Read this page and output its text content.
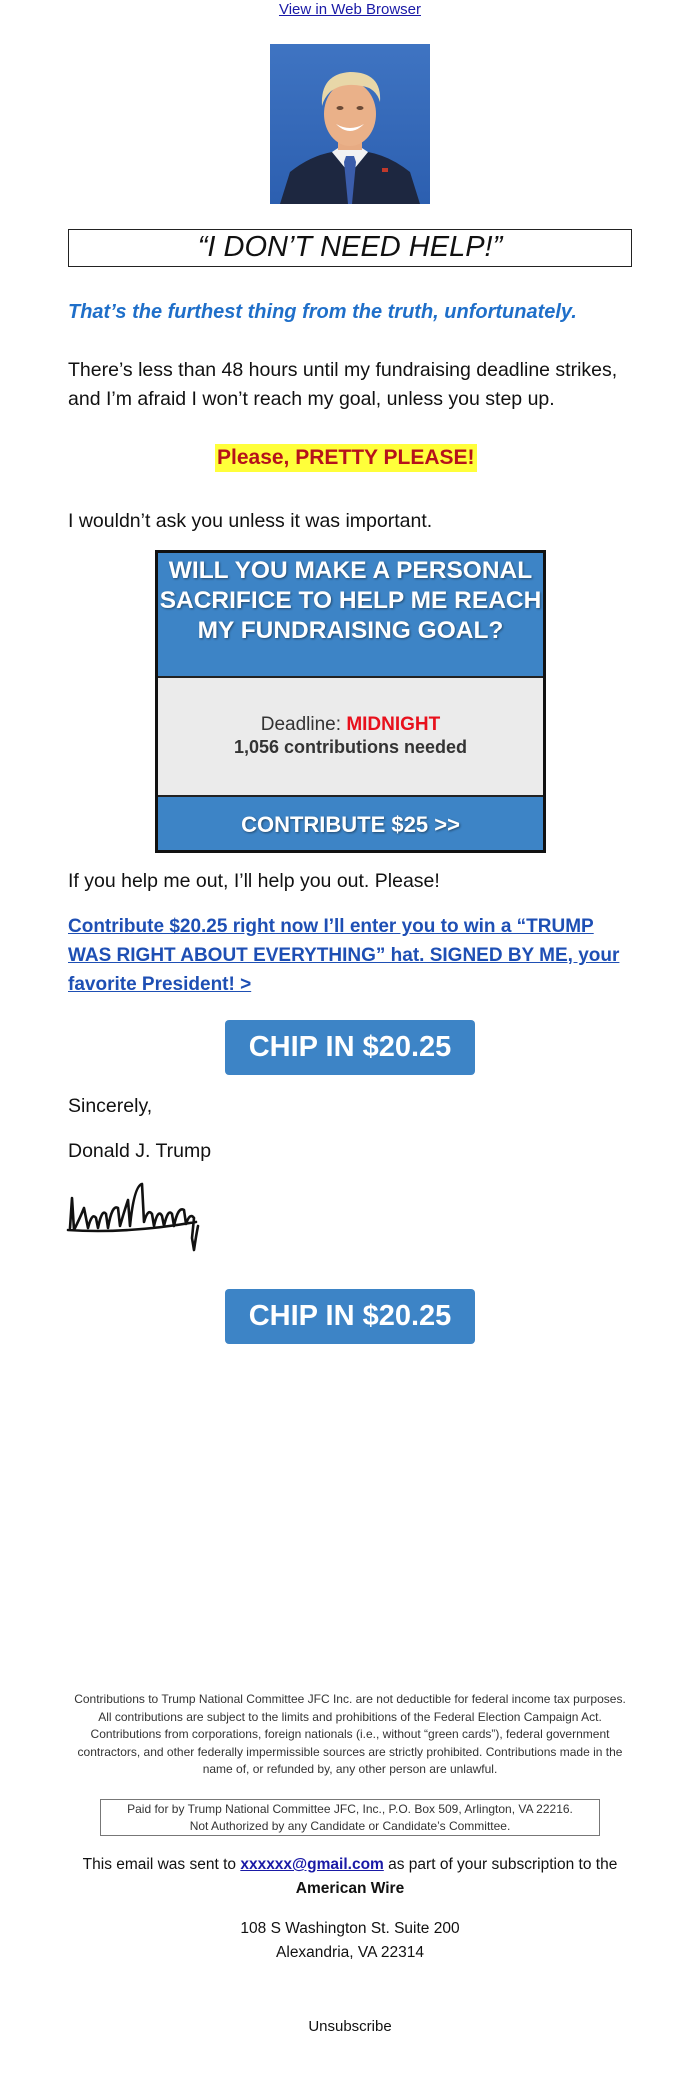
View in Web Browser
“I DON’T NEED HELP!”
That’s the furthest thing from the truth, unfortunately.
There’s less than 48 hours until my fundraising deadline strikes, and I’m afraid I won’t reach my goal, unless you step up.
Please, PRETTY PLEASE!
I wouldn’t ask you unless it was important.
WILL YOU MAKE A PERSONAL SACRIFICE TO HELP ME REACH MY FUNDRAISING GOAL?
Deadline: MIDNIGHT
1,056 contributions needed
CONTRIBUTE $25 >>
If you help me out, I’ll help you out. Please!
Contribute $20.25 right now I’ll enter you to win a “TRUMP WAS RIGHT ABOUT EVERYTHING” hat. SIGNED BY ME, your favorite President! >
CHIP IN $20.25
Sincerely,
Donald J. Trump
CHIP IN $20.25
Contributions to Trump National Committee JFC Inc. are not deductible for federal income tax purposes. All contributions are subject to the limits and prohibitions of the Federal Election Campaign Act. Contributions from corporations, foreign nationals (i.e., without “green cards”), federal government contractors, and other federally impermissible sources are strictly prohibited. Contributions made in the name of, or refunded by, any other person are unlawful.
Paid for by Trump National Committee JFC, Inc., P.O. Box 509, Arlington, VA 22216.
Not Authorized by any Candidate or Candidate’s Committee.
This email was sent to xxxxxx@gmail.com as part of your subscription to the
American Wire
108 S Washington St. Suite 200
Alexandria, VA 22314
Unsubscribe
